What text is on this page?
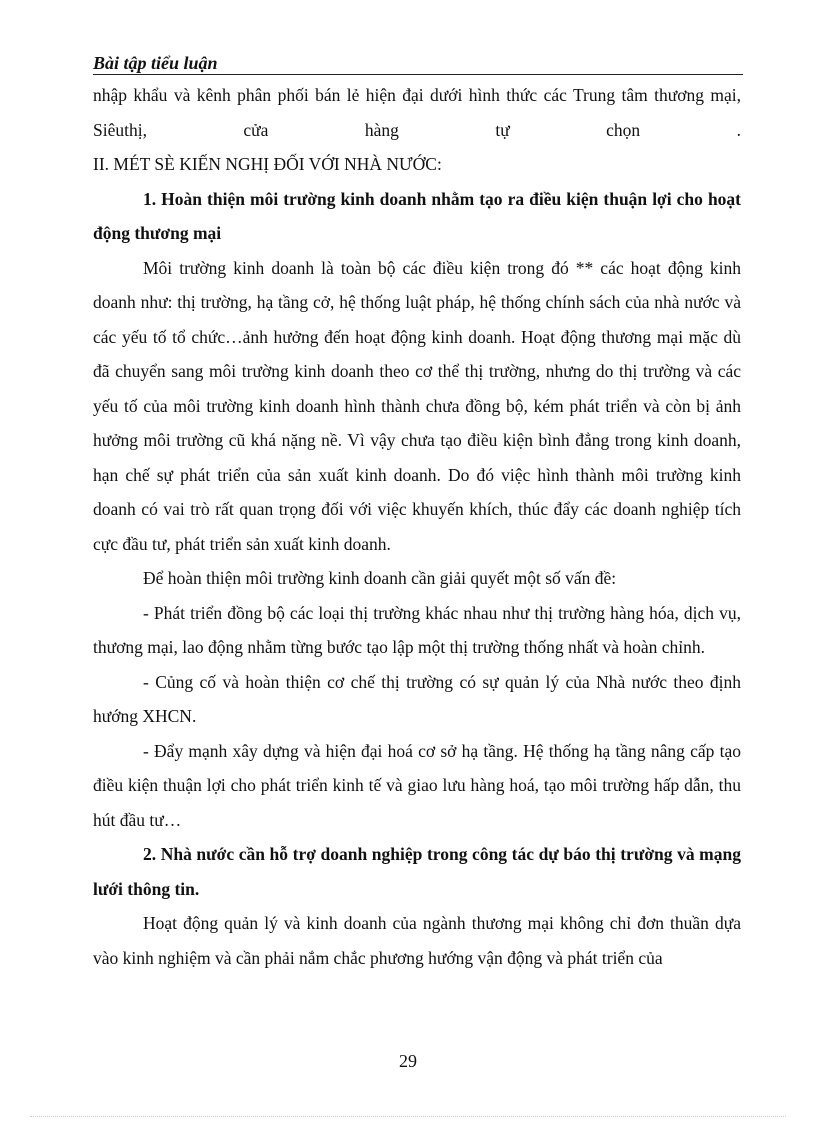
Bài tập tiểu luận

nhập khẩu và kênh phân phối bán lẻ hiện đại dưới hình thức các Trung tâm thương mại, Siêuthị, cửa hàng tự chọn .

II. MÉT SÈ KIẾN NGHỊ ĐỐI VỚI NHÀ NƯỚC:

1. Hoàn thiện môi trường kinh doanh nhằm tạo ra điều kiện thuận lợi cho hoạt động thương mại

Môi trường kinh doanh là toàn bộ các điều kiện trong đó ** các hoạt động kinh doanh như: thị trường, hạ tầng cở, hệ thống luật pháp, hệ thống chính sách của nhà nước và các yếu tố tổ chức…ảnh hưởng đến hoạt động kinh doanh. Hoạt động thương mại mặc dù đã chuyển sang môi trường kinh doanh theo cơ thể thị trường, nhưng do thị trường và các yếu tố của môi trường kinh doanh hình thành chưa đồng bộ, kém phát triển và còn bị ảnh hưởng môi trường cũ khá nặng nề. Vì vậy chưa tạo điều kiện bình đẳng trong kinh doanh, hạn chế sự phát triển của sản xuất kinh doanh. Do đó việc hình thành môi trường kinh doanh có vai trò rất quan trọng đối với việc khuyến khích, thúc đẩy các doanh nghiệp tích cực đầu tư, phát triển sản xuất kinh doanh.

Để hoàn thiện môi trường kinh doanh cần giải quyết một số vấn đề:

- Phát triển đồng bộ các loại thị trường khác nhau như thị trường hàng hóa, dịch vụ, thương mại, lao động nhằm từng bước tạo lập một thị trường thống nhất và hoàn chỉnh.

- Củng cố và hoàn thiện cơ chế thị trường có sự quản lý của Nhà nước theo định hướng XHCN.

- Đẩy mạnh xây dựng và hiện đại hoá cơ sở hạ tầng. Hệ thống hạ tầng nâng cấp tạo điều kiện thuận lợi cho phát triển kinh tế và giao lưu hàng hoá, tạo môi trường hấp dẫn, thu hút đầu tư…

2. Nhà nước cần hỗ trợ doanh nghiệp trong công tác dự báo thị trường và mạng lưới thông tin.

Hoạt động quản lý và kinh doanh của ngành thương mại không chỉ đơn thuần dựa vào kinh nghiệm và cần phải nắm chắc phương hướng vận động và phát triển của

29
